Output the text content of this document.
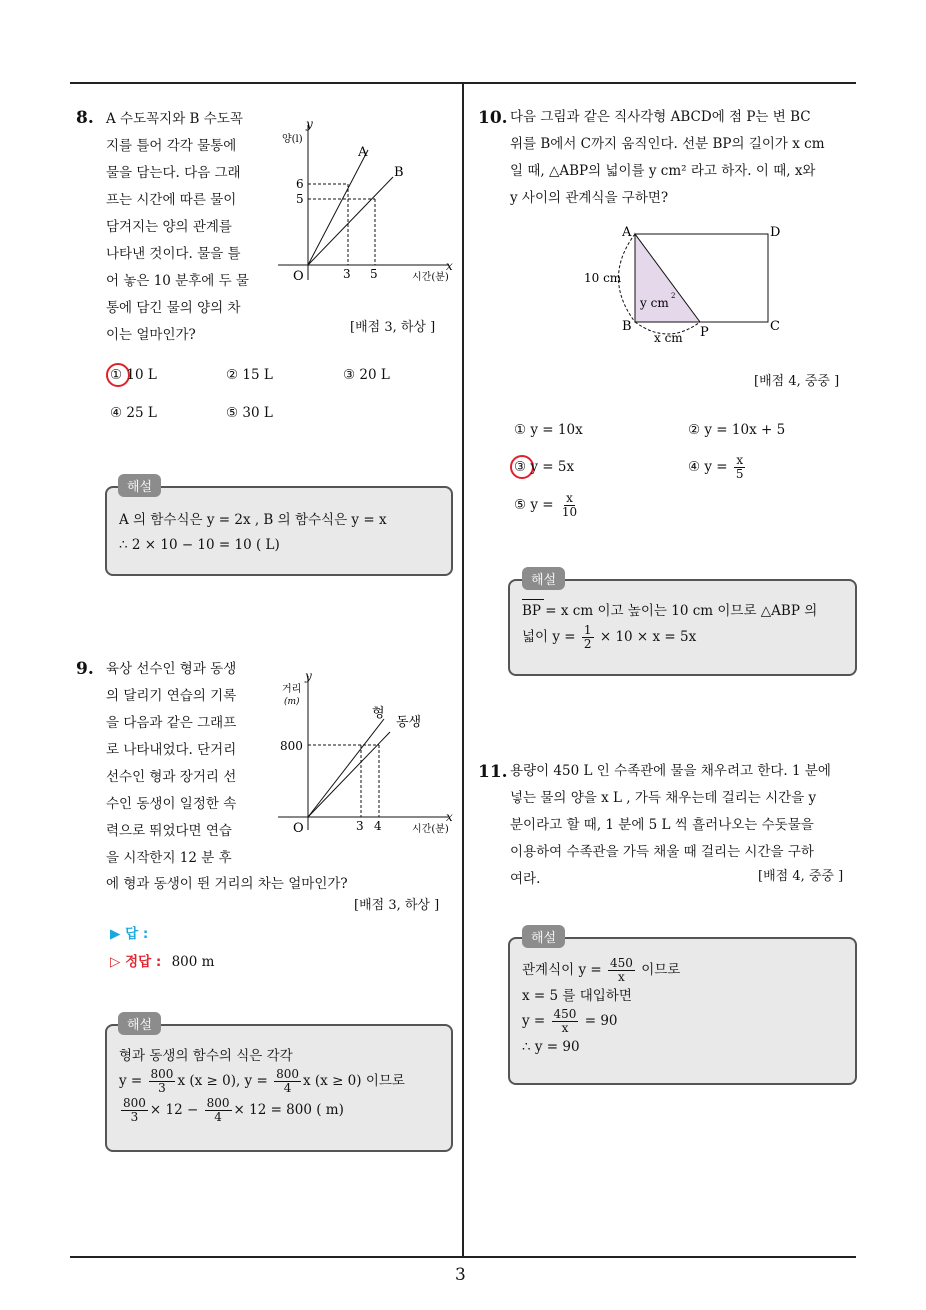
3
8. A 수도꼭지와 B 수도꼭
지를 틀어 각각 물통에
물을 담는다. 다음 그래
프는 시간에 따른 물이
담겨지는 양의 관계를
나타낸 것이다. 물을 틀
어 놓은 10 분후에 두 물
통에 담긴 물의 양의 차
이는 얼마인가?
y
양(l)
x
시간(분)
O
A
B
6
5
3 5
[배점 3, 하상 ]
① 10 L	② 15 L	③ 20 L
④ 25 L	⑤ 30 L
A 의 함수식은 y = 2x , B 의 함수식은 y = x
∴ 2 × 10 − 10 = 10 ( L)
해설
9. 육상 선수인 형과 동생
의 달리기 연습의 기록
을 다음과 같은 그래프
로 나타내었다. 단거리
선수인 형과 장거리 선
수인 동생이 일정한 속
력으로 뛰었다면 연습
을 시작한지 12 분 후
에 형과 동생이 뛴 거리의 차는 얼마인가?
y
거리
(m)
x
시간(분)
O
형
동생
800
3 4
[배점 3, 하상 ]
▶ 답 :
▷ 정답 : 800 m
형과 동생의 함수의 식은 각각
$y = \frac{800}{3}$ x (x ≥ 0), $y = \frac{800}{4}$ x (x ≥ 0) 이므로
$\frac{800}{3} \times 12 - \frac{800}{4} \times 12 = 800$ ( m)
해설
10. 다음 그림과 같은 직사각형 ABCD에 점 P는 변 BC
위를 B에서 C까지 움직인다. 선분 BP의 길이가 x cm
일 때, △ABP의 넓이를 y cm² 라고 하자. 이 때, x와
y 사이의 관계식을 구하면?
A
B	C
D
P
10 cm
y cm 2
x cm
[배점 4, 중중 ]
① y = 10x	② y = 10x + 5
③ y = 5x	④ $y = \frac{x}{5}$
⑤ $y = \frac{x}{10}$
BP = x cm 이고 높이는 10 cm 이므로 △ABP 의
넓이 $y = \frac{1}{2} \times 10 \times x = 5x$
해설
11. 용량이 450 L 인 수족관에 물을 채우려고 한다. 1 분에
넣는 물의 양을 x L , 가득 채우는데 걸리는 시간을 y
분이라고 할 때, 1 분에 5 L 씩 흘러나오는 수돗물을
이용하여 수족관을 가득 채울 때 걸리는 시간을 구하
여라.	[배점 4, 중중 ]
관계식이 $y = \frac{450}{x}$ 이므로
x = 5 를 대입하면
$y = \frac{450}{x} = 90$
∴ y = 90
해설
